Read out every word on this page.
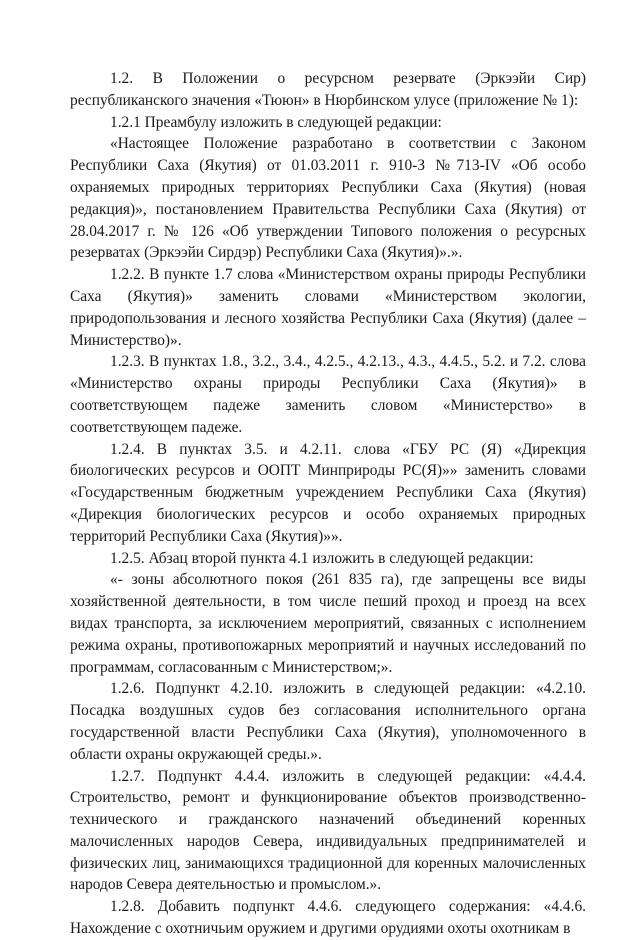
1.2. В Положении о ресурсном резервате (Эркээйи Сир) республиканского значения «Тююн» в Нюрбинском улусе (приложение № 1):

1.2.1 Преамбулу изложить в следующей редакции:

«Настоящее Положение разработано в соответствии с Законом Республики Саха (Якутия) от 01.03.2011 г. 910-З №713-IV «Об особо охраняемых природных территориях Республики Саха (Якутия) (новая редакция)», постановлением Правительства Республики Саха (Якутия) от 28.04.2017 г. № 126 «Об утверждении Типового положения о ресурсных резерватах (Эркээйи Сирдэр) Республики Саха (Якутия)».».

1.2.2. В пункте 1.7 слова «Министерством охраны природы Республики Саха (Якутия)» заменить словами «Министерством экологии, природопользования и лесного хозяйства Республики Саха (Якутия) (далее – Министерство)».

1.2.3. В пунктах 1.8., 3.2., 3.4., 4.2.5., 4.2.13., 4.3., 4.4.5., 5.2. и 7.2. слова «Министерство охраны природы Республики Саха (Якутия)» в соответствующем падеже заменить словом «Министерство» в соответствующем падеже.

1.2.4. В пунктах 3.5. и 4.2.11. слова «ГБУ РС (Я) «Дирекция биологических ресурсов и ООПТ Минприроды РС(Я)»» заменить словами «Государственным бюджетным учреждением Республики Саха (Якутия) «Дирекция биологических ресурсов и особо охраняемых природных территорий Республики Саха (Якутия)»».

1.2.5. Абзац второй пункта 4.1 изложить в следующей редакции:

«- зоны абсолютного покоя (261 835 га), где запрещены все виды хозяйственной деятельности, в том числе пеший проход и проезд на всех видах транспорта, за исключением мероприятий, связанных с исполнением режима охраны, противопожарных мероприятий и научных исследований по программам, согласованным с Министерством;».

1.2.6. Подпункт 4.2.10. изложить в следующей редакции: «4.2.10. Посадка воздушных судов без согласования исполнительного органа государственной власти Республики Саха (Якутия), уполномоченного в области охраны окружающей среды.».

1.2.7. Подпункт 4.4.4. изложить в следующей редакции: «4.4.4. Строительство, ремонт и функционирование объектов производственно-технического и гражданского назначений объединений коренных малочисленных народов Севера, индивидуальных предпринимателей и физических лиц, занимающихся традиционной для коренных малочисленных народов Севера деятельностью и промыслом.».

1.2.8. Добавить подпункт 4.4.6. следующего содержания: «4.4.6. Нахождение с охотничьим оружием и другими орудиями охоты охотникам в
